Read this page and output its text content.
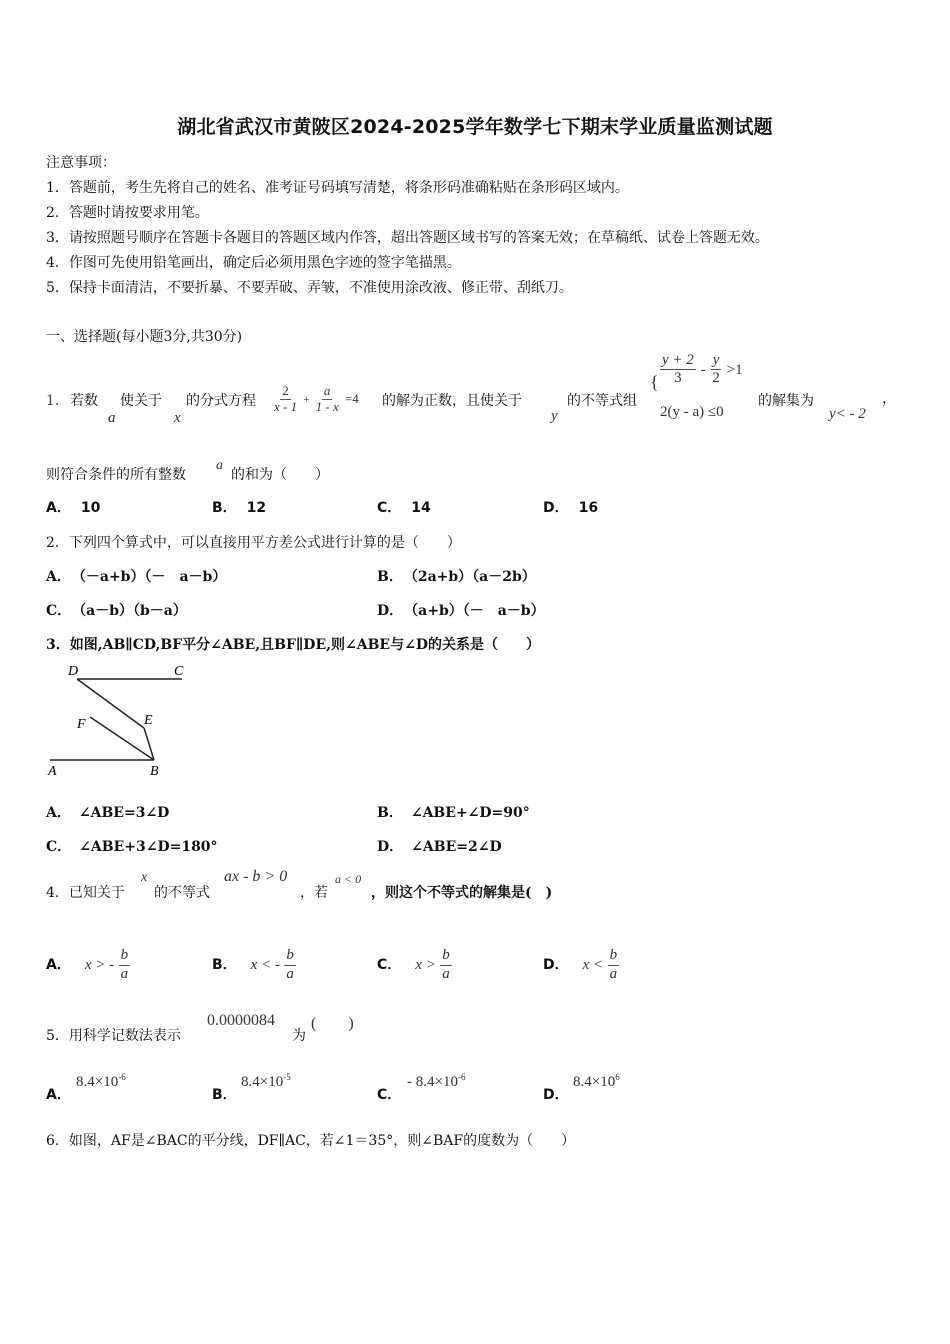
湖北省武汉市黄陂区2024-2025学年数学七下期末学业质量监测试题
注意事项：
1．答题前，考生先将自己的姓名、准考证号码填写清楚，将条形码准确粘贴在条形码区域内。
2．答题时请按要求用笔。
3．请按照题号顺序在答题卡各题目的答题区域内作答，超出答题区域书写的答案无效；在草稿纸、试卷上答题无效。
4．作图可先使用铅笔画出，确定后必须用黑色字迹的签字笔描黑。
5．保持卡面清洁，不要折暴、不要弄破、弄皱，不准使用涂改液、修正带、刮纸刀。
一、选择题(每小题3分,共30分)
1． 若数
a
使关于
x
的分式方程 $\frac{2}{x - 1} + \frac{a}{1 - x} =4$ 的解为正数，且使关于
y
的不等式组
{ $\frac{y + 2}{3} - \frac{y}{2} >1$
2(y - a) ≤0
的解集为
y< - 2
，
则符合条件的所有整数
a
的和为（　　）
A． 10	B． 12	C． 14	D． 16
2．下列四个算式中，可以直接用平方差公式进行计算的是（　　）
A． （－a+b）（－　a－b）	B． （2a+b）（a－2b）
C． （a－b）（b－a）	D． （a+b）（－　a－b）
3．如图,AB∥CD,BF平分∠ABE,且BF∥DE,则∠ABE与∠D的关系是（　　）
D	C
F	E
A	B
A． ∠ABE=3∠D	B． ∠ABE+∠D=90°
C． ∠ABE+3∠D=180°	D． ∠ABE=2∠D
4．已知关于
x
的不等式
ax - b > 0
，若
a < 0
，则这个不等式的解集是(　)
A． x > - $\frac{b}{a}$	B． x < - $\frac{b}{a}$	C． $x > \frac{b}{a}$	D． $x < \frac{b}{a}$
5．用科学记数法表示
0.0000084 (　　)
为
A．
$8.4\times 10^{-6}$
B．
$8.4\times 10^{-5}$
C．
- $8.4\times 10^{-6}$
D．
$8.4\times 10^6$
6．如图，AF是∠BAC的平分线，DF∥AC，若∠1＝35°，则∠BAF的度数为（　　）
